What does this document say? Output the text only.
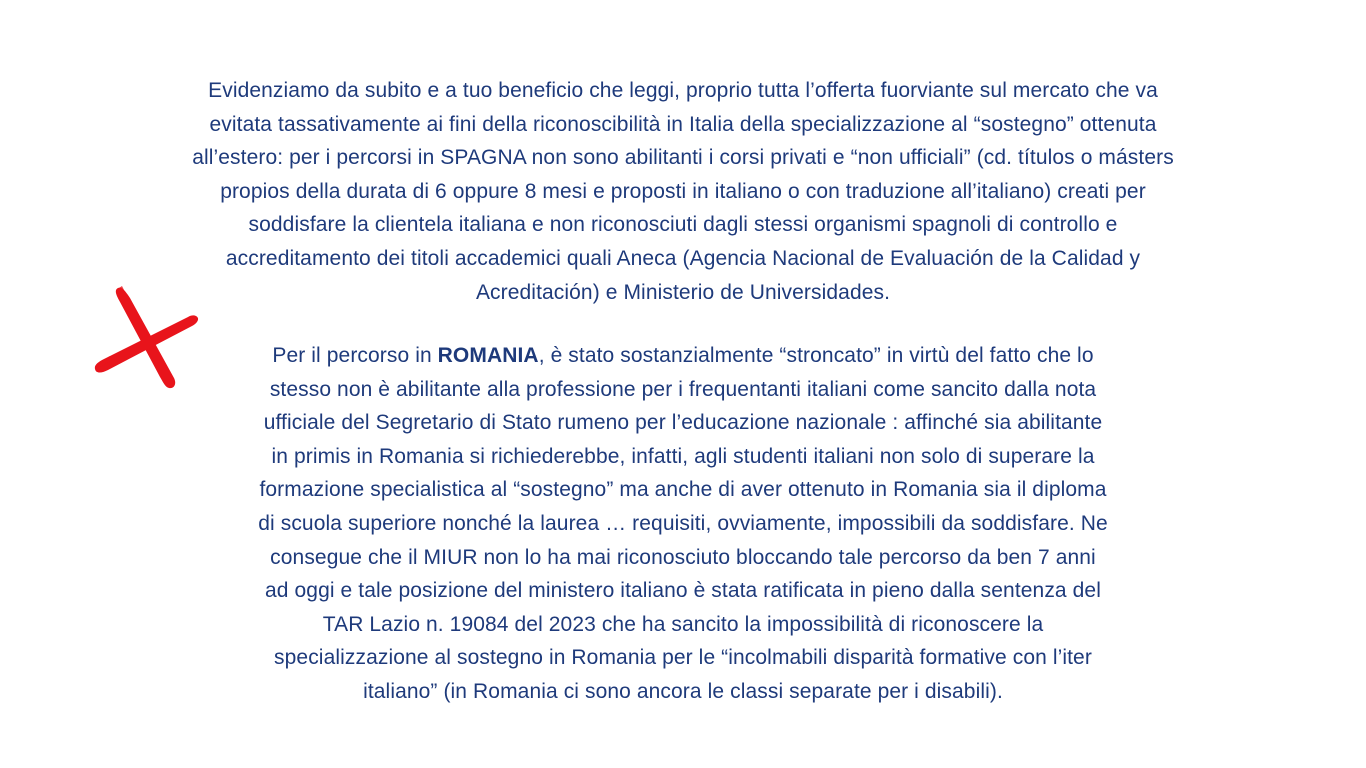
Evidenziamo da subito e a tuo beneficio che leggi, proprio tutta l’offerta fuorviante sul mercato che va
evitata tassativamente ai fini della riconoscibilità in Italia della specializzazione al “sostegno” ottenuta
all’estero: per i percorsi in SPAGNA non sono abilitanti i corsi privati e “non ufficiali” (cd. títulos o másters
propios della durata di 6 oppure 8 mesi e proposti in italiano o con traduzione all’italiano) creati per
soddisfare la clientela italiana e non riconosciuti dagli stessi organismi spagnoli di controllo e
accreditamento dei titoli accademici quali Aneca (Agencia Nacional de Evaluación de la Calidad y
Acreditación) e Ministerio de Universidades.

Per il percorso in ROMANIA, è stato sostanzialmente “stroncato” in virtù del fatto che lo
stesso non è abilitante alla professione per i frequentanti italiani come sancito dalla nota
ufficiale del Segretario di Stato rumeno per l’educazione nazionale : affinché sia abilitante
in primis in Romania si richiederebbe, infatti, agli studenti italiani non solo di superare la
formazione specialistica al “sostegno” ma anche di aver ottenuto in Romania sia il diploma
di scuola superiore nonché la laurea … requisiti, ovviamente, impossibili da soddisfare. Ne
consegue che il MIUR non lo ha mai riconosciuto bloccando tale percorso da ben 7 anni
ad oggi e tale posizione del ministero italiano è stata ratificata in pieno dalla sentenza del
TAR Lazio n. 19084 del 2023 che ha sancito la impossibilità di riconoscere la
specializzazione al sostegno in Romania per le “incolmabili disparità formative con l’iter
italiano” (in Romania ci sono ancora le classi separate per i disabili).
